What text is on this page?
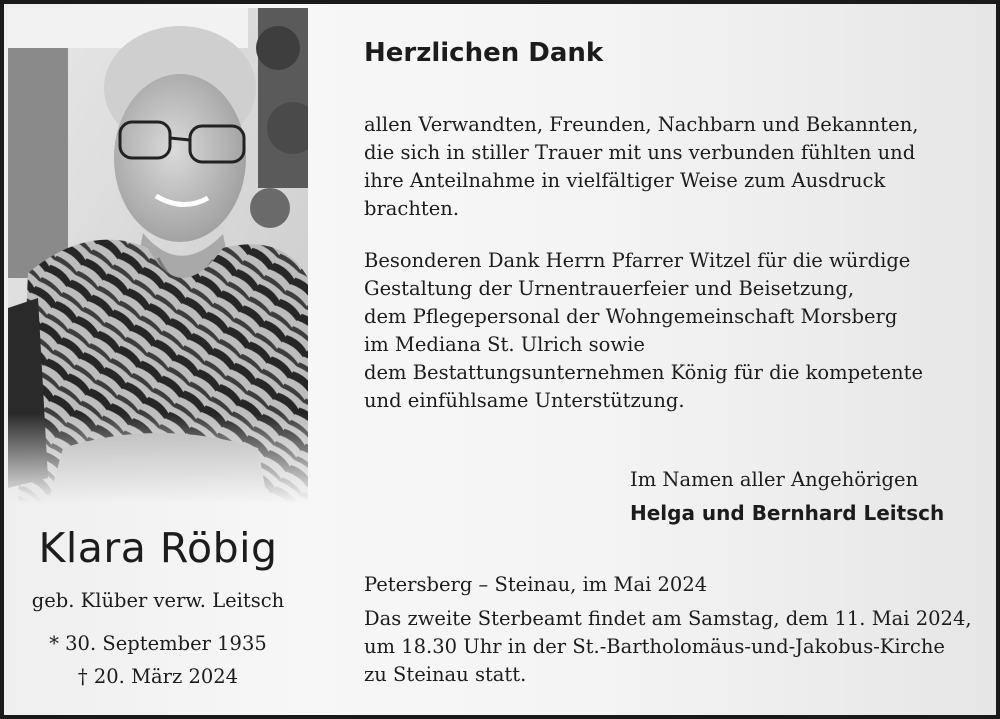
Klara Röbig
geb. Klüber verw. Leitsch
* 30. September 1935
† 20. März 2024
Herzlichen Dank
allen Verwandten, Freunden, Nachbarn und Bekannten,
die sich in stiller Trauer mit uns verbunden fühlten und
ihre Anteilnahme in vielfältiger Weise zum Ausdruck
brachten.
Besonderen Dank Herrn Pfarrer Witzel für die würdige
Gestaltung der Urnentrauerfeier und Beisetzung,
dem Pflegepersonal der Wohngemeinschaft Morsberg
im Mediana St. Ulrich sowie
dem Bestattungsunternehmen König für die kompetente
und einfühlsame Unterstützung.
Im Namen aller Angehörigen
Helga und Bernhard Leitsch
Petersberg – Steinau, im Mai 2024
Das zweite Sterbeamt findet am Samstag, dem 11. Mai 2024,
um 18.30 Uhr in der St.-Bartholomäus-und-Jakobus-Kirche
zu Steinau statt.
